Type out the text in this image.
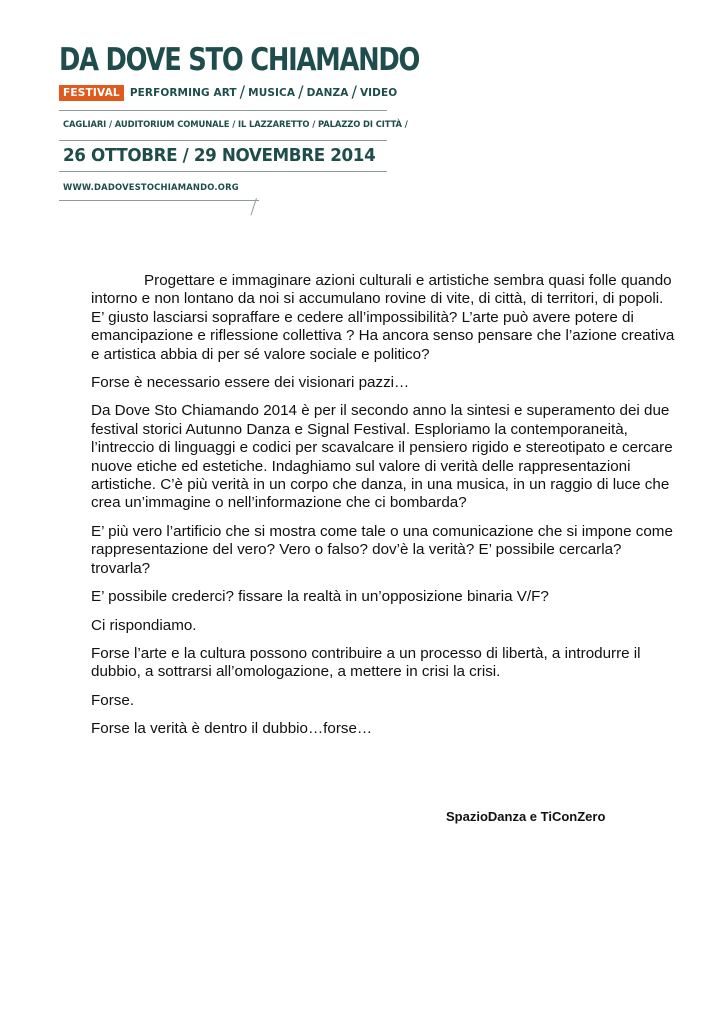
DA DOVE STO CHIAMANDO
FESTIVAL PERFORMING ART / MUSICA / DANZA / VIDEO
CAGLIARI / AUDITORIUM COMUNALE / IL LAZZARETTO / PALAZZO DI CITTÀ /
26 OTTOBRE / 29 NOVEMBRE 2014
WWW.DADOVESTOCHIAMANDO.ORG

Progettare e immaginare azioni culturali e artistiche sembra quasi folle quando intorno e non lontano da noi si accumulano rovine di vite, di città, di territori, di popoli. E’ giusto lasciarsi sopraffare e cedere all’impossibilità? L’arte può avere potere di emancipazione e riflessione collettiva ? Ha ancora senso pensare che l’azione creativa e artistica abbia di per sé valore sociale e politico?

Forse è necessario essere dei visionari pazzi…

Da Dove Sto Chiamando 2014 è per il secondo anno la sintesi e superamento dei due festival storici Autunno Danza e Signal Festival. Esploriamo la contemporaneità, l’intreccio di linguaggi e codici per scavalcare il pensiero rigido e stereotipato e cercare nuove etiche ed estetiche. Indaghiamo sul valore di verità delle rappresentazioni artistiche. C’è più verità in un corpo che danza, in una musica, in un raggio di luce che crea un’immagine o nell’informazione che ci bombarda?

E’ più vero l’artificio che si mostra come tale o una comunicazione che si impone come rappresentazione del vero? Vero o falso? dov’è la verità? E’ possibile cercarla? trovarla?

E’ possibile crederci? fissare la realtà in un’opposizione binaria V/F?

Ci rispondiamo.

Forse l’arte e la cultura possono contribuire a un processo di libertà, a introdurre il dubbio, a sottrarsi all’omologazione, a mettere in crisi la crisi.

Forse.

Forse la verità è dentro il dubbio…forse…

SpazioDanza e TiConZero
